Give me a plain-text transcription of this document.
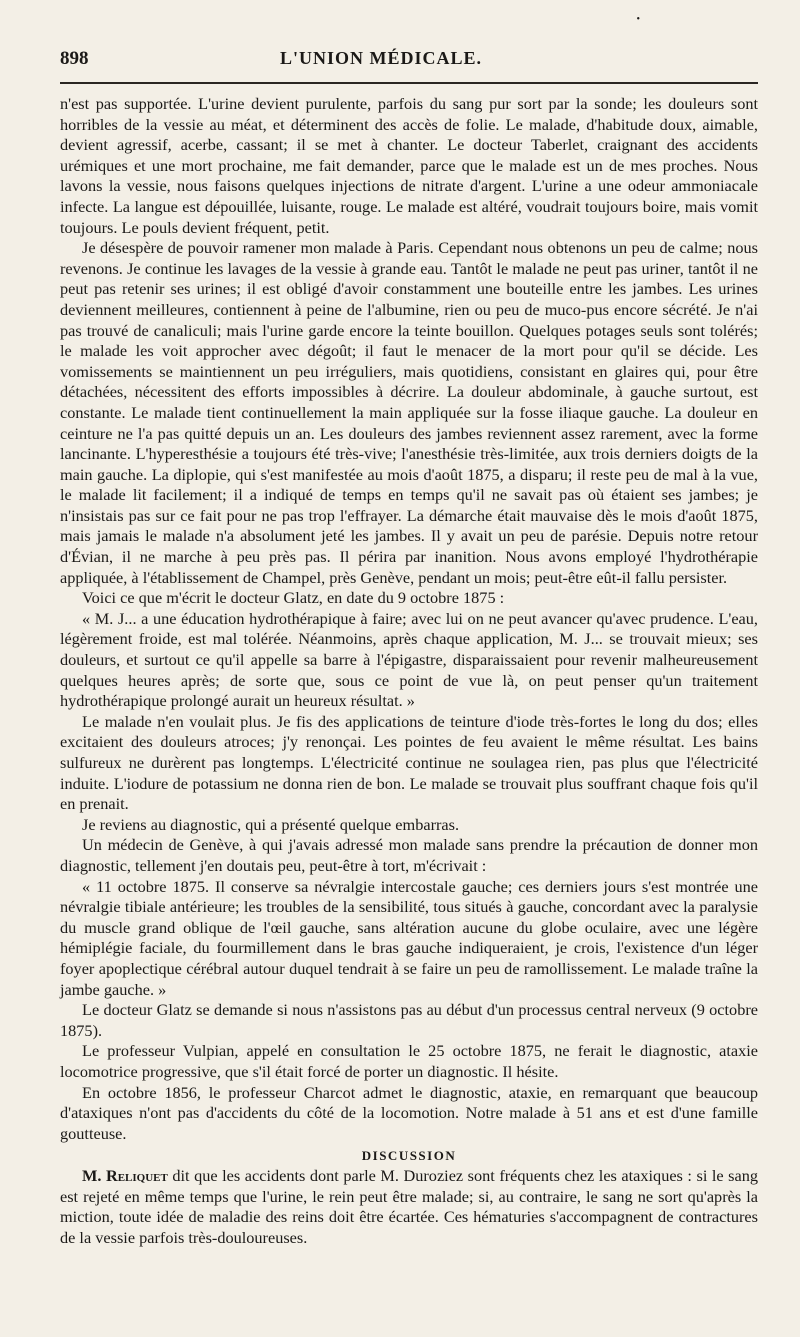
•
898	L'UNION MÉDICALE.

n'est pas supportée. L'urine devient purulente, parfois du sang pur sort par la sonde; les douleurs sont horribles de la vessie au méat, et déterminent des accès de folie. Le malade, d'habitude doux, aimable, devient agressif, acerbe, cassant; il se met à chanter. Le docteur Taberlet, craignant des accidents urémiques et une mort prochaine, me fait demander, parce que le malade est un de mes proches. Nous lavons la vessie, nous faisons quelques injections de nitrate d'argent. L'urine a une odeur ammoniacale infecte. La langue est dépouillée, luisante, rouge. Le malade est altéré, voudrait toujours boire, mais vomit toujours. Le pouls devient fréquent, petit.

Je désespère de pouvoir ramener mon malade à Paris. Cependant nous obtenons un peu de calme; nous revenons. Je continue les lavages de la vessie à grande eau. Tantôt le malade ne peut pas uriner, tantôt il ne peut pas retenir ses urines; il est obligé d'avoir constamment une bouteille entre les jambes. Les urines deviennent meilleures, contiennent à peine de l'albumine, rien ou peu de muco-pus encore sécrété. Je n'ai pas trouvé de canaliculi; mais l'urine garde encore la teinte bouillon. Quelques potages seuls sont tolérés; le malade les voit approcher avec dégoût; il faut le menacer de la mort pour qu'il se décide. Les vomissements se maintiennent un peu irréguliers, mais quotidiens, consistant en glaires qui, pour être détachées, nécessitent des efforts impossibles à décrire. La douleur abdominale, à gauche surtout, est constante. Le malade tient continuellement la main appliquée sur la fosse iliaque gauche. La douleur en ceinture ne l'a pas quitté depuis un an. Les douleurs des jambes reviennent assez rarement, avec la forme lancinante. L'hyperesthésie a toujours été très-vive; l'anesthésie très-limitée, aux trois derniers doigts de la main gauche. La diplopie, qui s'est manifestée au mois d'août 1875, a disparu; il reste peu de mal à la vue, le malade lit facilement; il a indiqué de temps en temps qu'il ne savait pas où étaient ses jambes; je n'insistais pas sur ce fait pour ne pas trop l'effrayer. La démarche était mauvaise dès le mois d'août 1875, mais jamais le malade n'a absolument jeté les jambes. Il y avait un peu de parésie. Depuis notre retour d'Évian, il ne marche à peu près pas. Il périra par inanition. Nous avons employé l'hydrothérapie appliquée, à l'établissement de Champel, près Genève, pendant un mois; peut-être eût-il fallu persister.

Voici ce que m'écrit le docteur Glatz, en date du 9 octobre 1875 :

« M. J... a une éducation hydrothérapique à faire; avec lui on ne peut avancer qu'avec prudence. L'eau, légèrement froide, est mal tolérée. Néanmoins, après chaque application, M. J... se trouvait mieux; ses douleurs, et surtout ce qu'il appelle sa barre à l'épigastre, disparaissaient pour revenir malheureusement quelques heures après; de sorte que, sous ce point de vue là, on peut penser qu'un traitement hydrothérapique prolongé aurait un heureux résultat. »

Le malade n'en voulait plus. Je fis des applications de teinture d'iode très-fortes le long du dos; elles excitaient des douleurs atroces; j'y renonçai. Les pointes de feu avaient le même résultat. Les bains sulfureux ne durèrent pas longtemps. L'électricité continue ne soulagea rien, pas plus que l'électricité induite. L'iodure de potassium ne donna rien de bon. Le malade se trouvait plus souffrant chaque fois qu'il en prenait.

Je reviens au diagnostic, qui a présenté quelque embarras.

Un médecin de Genève, à qui j'avais adressé mon malade sans prendre la précaution de donner mon diagnostic, tellement j'en doutais peu, peut-être à tort, m'écrivait :

« 11 octobre 1875. Il conserve sa névralgie intercostale gauche; ces derniers jours s'est montrée une névralgie tibiale antérieure; les troubles de la sensibilité, tous situés à gauche, concordant avec la paralysie du muscle grand oblique de l'œil gauche, sans altération aucune du globe oculaire, avec une légère hémiplégie faciale, du fourmillement dans le bras gauche indiqueraient, je crois, l'existence d'un léger foyer apoplectique cérébral autour duquel tendrait à se faire un peu de ramollissement. Le malade traîne la jambe gauche. »

Le docteur Glatz se demande si nous n'assistons pas au début d'un processus central nerveux (9 octobre 1875).

Le professeur Vulpian, appelé en consultation le 25 octobre 1875, ne ferait le diagnostic, ataxie locomotrice progressive, que s'il était forcé de porter un diagnostic. Il hésite.

En octobre 1856, le professeur Charcot admet le diagnostic, ataxie, en remarquant que beaucoup d'ataxiques n'ont pas d'accidents du côté de la locomotion. Notre malade à 51 ans et est d'une famille goutteuse.

DISCUSSION

M. Reliquet dit que les accidents dont parle M. Duroziez sont fréquents chez les ataxiques : si le sang est rejeté en même temps que l'urine, le rein peut être malade; si, au contraire, le sang ne sort qu'après la miction, toute idée de maladie des reins doit être écartée. Ces hématuries s'accompagnent de contractures de la vessie parfois très-douloureuses.
